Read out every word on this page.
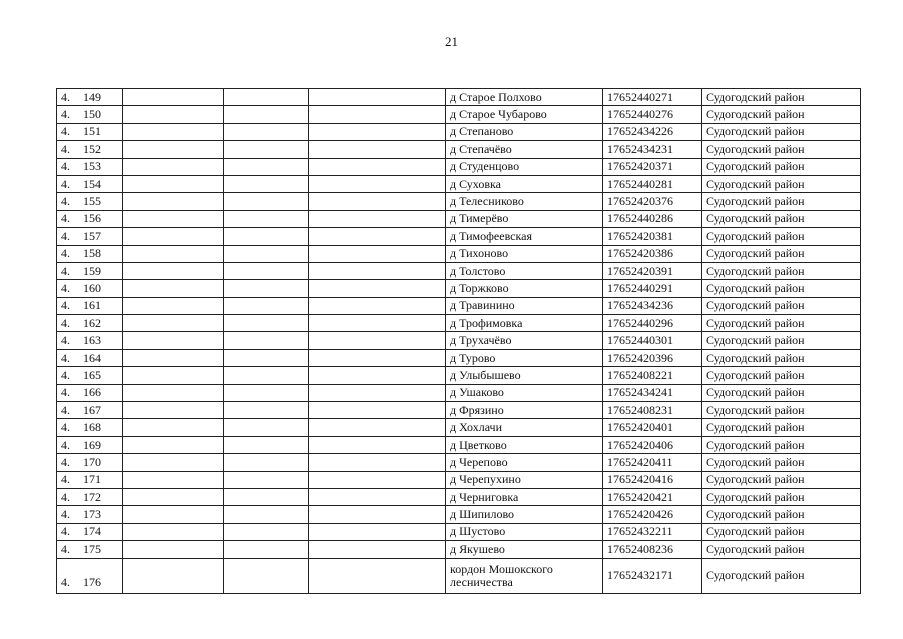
21
4. 149				д Старое Полхово	17652440271	Судогодский район
4. 150				д Старое Чубарово	17652440276	Судогодский район
4. 151				д Степаново	17652434226	Судогодский район
4. 152				д Степачёво	17652434231	Судогодский район
4. 153				д Студенцово	17652420371	Судогодский район
4. 154				д Суховка	17652440281	Судогодский район
4. 155				д Телесниково	17652420376	Судогодский район
4. 156				д Тимерёво	17652440286	Судогодский район
4. 157				д Тимофеевская	17652420381	Судогодский район
4. 158				д Тихоново	17652420386	Судогодский район
4. 159				д Толстово	17652420391	Судогодский район
4. 160				д Торжково	17652440291	Судогодский район
4. 161				д Травинино	17652434236	Судогодский район
4. 162				д Трофимовка	17652440296	Судогодский район
4. 163				д Трухачёво	17652440301	Судогодский район
4. 164				д Турово	17652420396	Судогодский район
4. 165				д Улыбышево	17652408221	Судогодский район
4. 166				д Ушаково	17652434241	Судогодский район
4. 167				д Фрязино	17652408231	Судогодский район
4. 168				д Хохлачи	17652420401	Судогодский район
4. 169				д Цветково	17652420406	Судогодский район
4. 170				д Черепово	17652420411	Судогодский район
4. 171				д Черепухино	17652420416	Судогодский район
4. 172				д Черниговка	17652420421	Судогодский район
4. 173				д Шипилово	17652420426	Судогодский район
4. 174				д Шустово	17652432211	Судогодский район
4. 175				д Якушево	17652408236	Судогодский район
4. 176				кордон Мошокского лесничества	17652432171	Судогодский район
